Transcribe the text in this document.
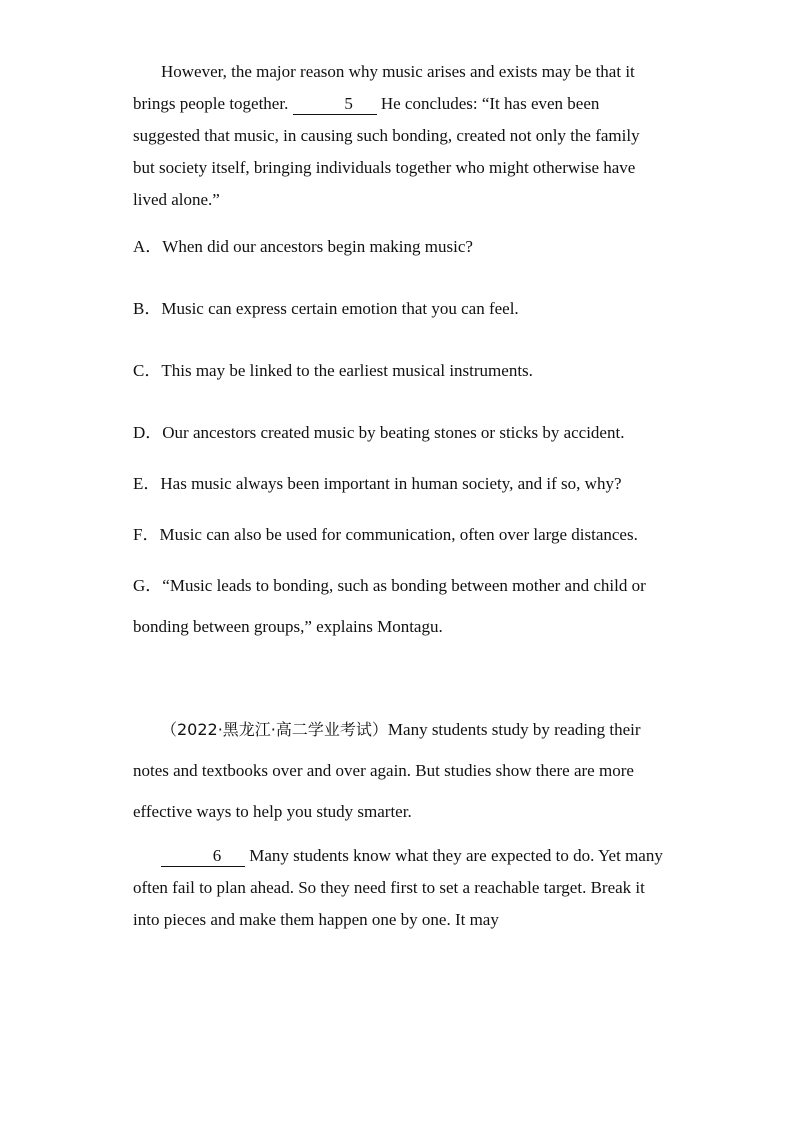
However, the major reason why music arises and exists may be that it brings people together.	5 He concludes: “It has even been suggested that music, in causing such bonding, created not only the family but society itself, bringing individuals together who might otherwise have lived alone.”

A．When did our ancestors begin making music?

B．Music can express certain emotion that you can feel.

C．This may be linked to the earliest musical instruments.

D．Our ancestors created music by beating stones or sticks by accident.

E．Has music always been important in human society, and if so, why?

F．Music can also be used for communication, often over large distances.

G．“Music leads to bonding, such as bonding between mother and child or bonding between groups,” explains Montagu.

（2022·黑龙江·高二学业考试）Many students study by reading their notes and textbooks over and over again. But studies show there are more effective ways to help you study smarter.

6 Many students know what they are expected to do. Yet many often fail to plan ahead. So they need first to set a reachable target. Break it into pieces and make them happen one by one. It may
